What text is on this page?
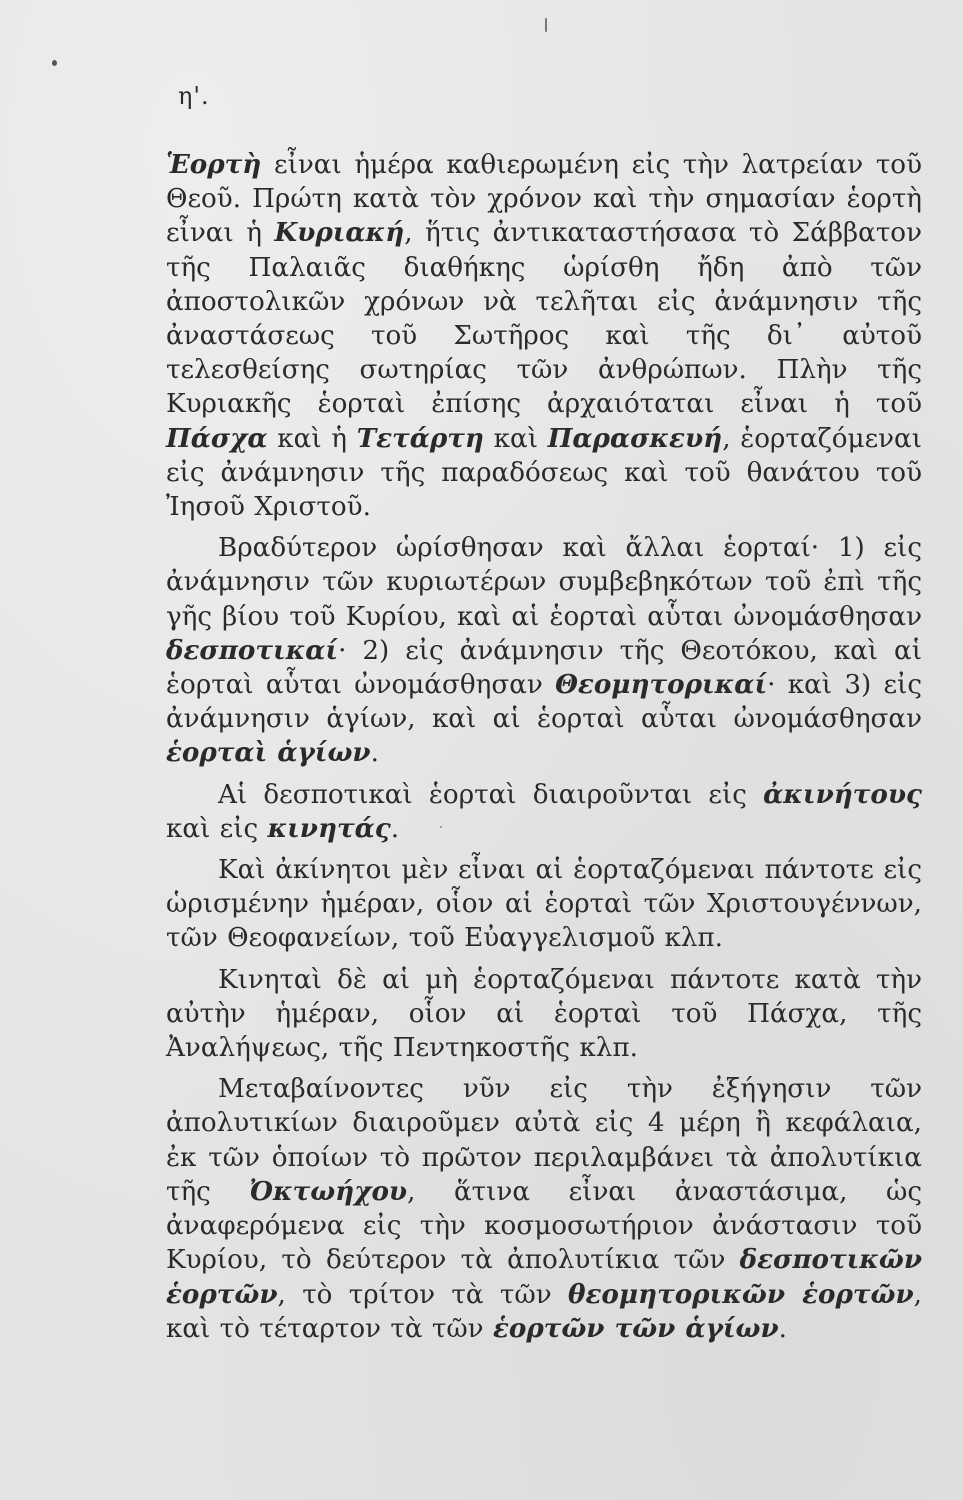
η'.

Ἑορτὴ εἶναι ἡμέρα καθιερωμένη εἰς τὴν λατρείαν τοῦ Θεοῦ. Πρώτη κατὰ τὸν χρόνον καὶ τὴν σημασίαν ἑορτὴ εἶναι ἡ Κυριακή, ἥτις ἀντικαταστήσασα τὸ Σάββατον τῆς Παλαιᾶς διαθήκης ὡρίσθη ἤδη ἀπὸ τῶν ἀποστολικῶν χρόνων νὰ τελῆται εἰς ἀνάμνησιν τῆς ἀναστάσεως τοῦ Σωτῆρος καὶ τῆς δι᾽ αὐτοῦ τελεσθείσης σωτηρίας τῶν ἀνθρώπων. Πλὴν τῆς Κυριακῆς ἑορταὶ ἐπίσης ἀρχαιόταται εἶναι ἡ τοῦ Πάσχα καὶ ἡ Τετάρτη καὶ Παρασκευή, ἑορταζόμεναι εἰς ἀνάμνησιν τῆς παραδόσεως καὶ τοῦ θανάτου τοῦ Ἰησοῦ Χριστοῦ.

Βραδύτερον ὡρίσθησαν καὶ ἄλλαι ἑορταί· 1) εἰς ἀνάμνησιν τῶν κυριωτέρων συμβεβηκότων τοῦ ἐπὶ τῆς γῆς βίου τοῦ Κυρίου, καὶ αἱ ἑορταὶ αὗται ὠνομάσθησαν δεσποτικαί· 2) εἰς ἀνάμνησιν τῆς Θεοτόκου, καὶ αἱ ἑορταὶ αὗται ὠνομάσθησαν Θεομητορικαί· καὶ 3) εἰς ἀνάμνησιν ἁγίων, καὶ αἱ ἑορταὶ αὗται ὠνομάσθησαν ἑορταὶ ἁγίων.

Αἱ δεσποτικαὶ ἑορταὶ διαιροῦνται εἰς ἀκινήτους καὶ εἰς κινητάς.

Καὶ ἀκίνητοι μὲν εἶναι αἱ ἑορταζόμεναι πάντοτε εἰς ὡρισμένην ἡμέραν, οἷον αἱ ἑορταὶ τῶν Χριστουγέννων, τῶν Θεοφανείων, τοῦ Εὐαγγελισμοῦ κλπ.

Κινηταὶ δὲ αἱ μὴ ἑορταζόμεναι πάντοτε κατὰ τὴν αὐτὴν ἡμέραν, οἷον αἱ ἑορταὶ τοῦ Πάσχα, τῆς Ἀναλήψεως, τῆς Πεντηκοστῆς κλπ.

Μεταβαίνοντες νῦν εἰς τὴν ἐξήγησιν τῶν ἀπολυτικίων διαιροῦμεν αὐτὰ εἰς 4 μέρη ἢ κεφάλαια, ἐκ τῶν ὁποίων τὸ πρῶτον περιλαμβάνει τὰ ἀπολυτίκια τῆς Ὀκτωήχου, ἅτινα εἶναι ἀναστάσιμα, ὡς ἀναφερόμενα εἰς τὴν κοσμοσωτήριον ἀνάστασιν τοῦ Κυρίου, τὸ δεύτερον τὰ ἀπολυτίκια τῶν δεσποτικῶν ἑορτῶν, τὸ τρίτον τὰ τῶν θεομητορικῶν ἑορτῶν, καὶ τὸ τέταρτον τὰ τῶν ἑορτῶν τῶν ἁγίων.
